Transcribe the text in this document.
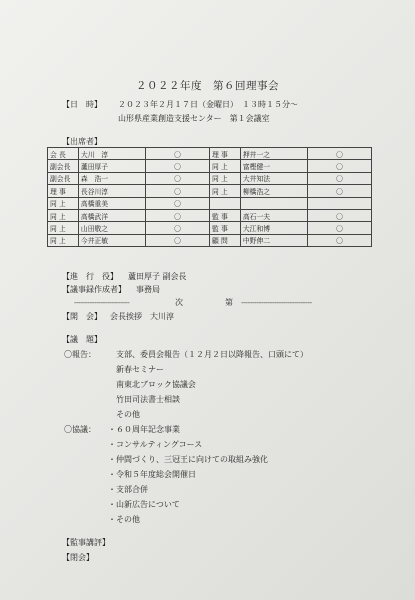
２０２２年度　第６回理事会
【日　時】 ２０２３年２月１７日（金曜日）　１３時１５分～
山形県産業創造支援センター　第１会議室
【出席者】
会 長	大川　淳	〇	理 事	押井一之	〇
副会長	蘆田厚子	〇	同 上	富樫健一	〇
副会長	森　浩一	〇	同 上	大井知法	〇
理 事	長谷川淳	〇	同 上	柳橋浩之	〇
同 上	高橋重美	〇			
同 上	高橋武洋	〇	監 事	高石一夫	〇
同 上	山田敬之	〇	監 事	大江和博	〇
同 上	今井正敏	〇	顧 問	中野伸二	〇
【進　行　役】 蘆田厚子 副会長
【議事録作成者】 事務局
-------------------------	次	第 --------------------------------
【開　会】 会長挨拶　大川淳
【議　題】
〇報告：	支部、委員会報告（１２月２日以降報告、口頭にて）
新春セミナー
南東北ブロック協議会
竹田司法書士相談
その他
〇協議： ・６０周年記念事業
・コンサルティングコース
・仲間づくり、三冠王に向けての取組み強化
・令和５年度総会開催日
・支部合併
・山新広告について
・その他
【監事講評】
【閉会】
